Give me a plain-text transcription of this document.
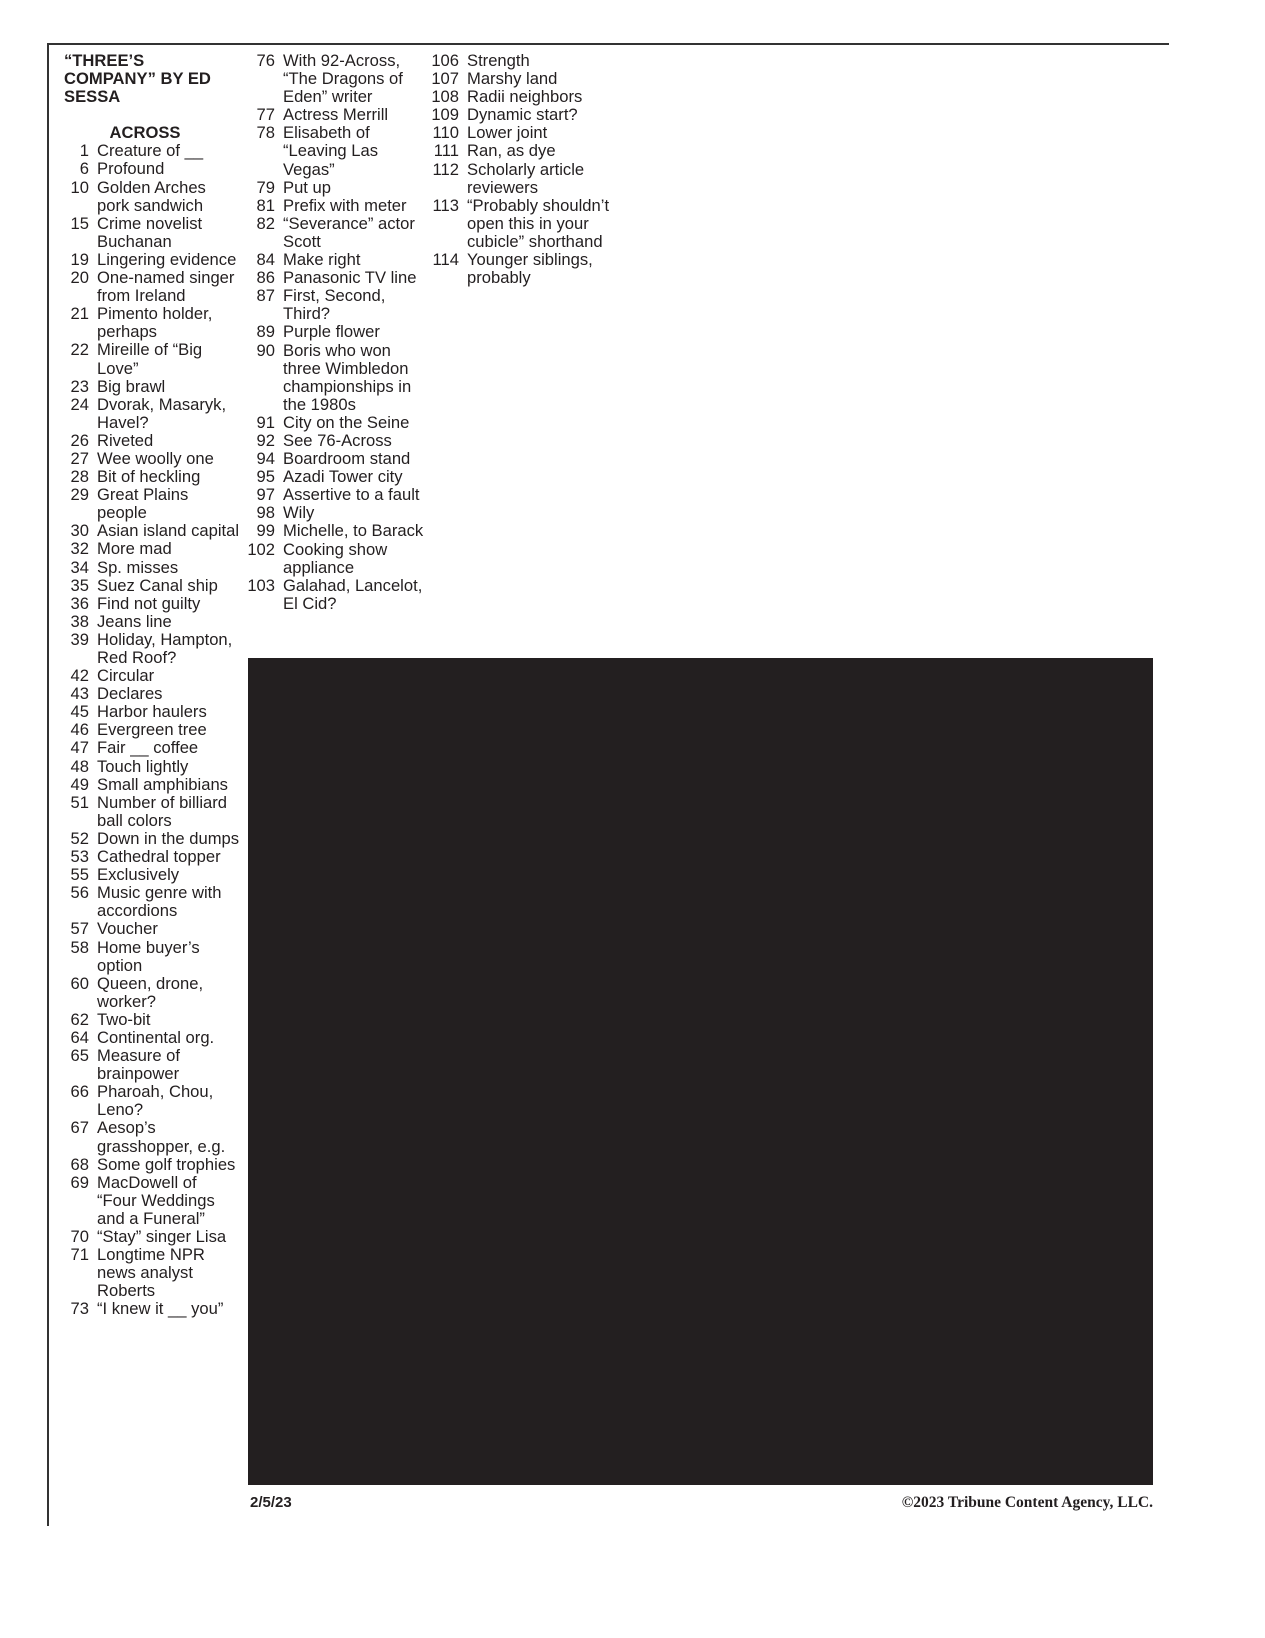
“THREE’S COMPANY” BY ED SESSA
ACROSS
1 Creature of __
6 Profound
10 Golden Arches pork sandwich
15 Crime novelist Buchanan
19 Lingering evidence
20 One-named singer from Ireland
21 Pimento holder, perhaps
22 Mireille of “Big Love”
23 Big brawl
24 Dvorak, Masaryk, Havel?
26 Riveted
27 Wee woolly one
28 Bit of heckling
29 Great Plains people
30 Asian island capital
32 More mad
34 Sp. misses
35 Suez Canal ship
36 Find not guilty
38 Jeans line
39 Holiday, Hampton, Red Roof?
42 Circular
43 Declares
45 Harbor haulers
46 Evergreen tree
47 Fair __ coffee
48 Touch lightly
49 Small amphibians
51 Number of billiard ball colors
52 Down in the dumps
53 Cathedral topper
55 Exclusively
56 Music genre with accordions
57 Voucher
58 Home buyer’s option
60 Queen, drone, worker?
62 Two-bit
64 Continental org.
65 Measure of brainpower
66 Pharoah, Chou, Leno?
67 Aesop’s grasshopper, e.g.
68 Some golf trophies
69 MacDowell of “Four Weddings and a Funeral”
70 “Stay” singer Lisa
71 Longtime NPR news analyst Roberts
73 “I knew it __ you”
76 With 92-Across, “The Dragons of Eden” writer
77 Actress Merrill
78 Elisabeth of “Leaving Las Vegas”
79 Put up
81 Prefix with meter
82 “Severance” actor Scott
84 Make right
86 Panasonic TV line
87 First, Second, Third?
89 Purple flower
90 Boris who won three Wimbledon championships in the 1980s
91 City on the Seine
92 See 76-Across
94 Boardroom stand
95 Azadi Tower city
97 Assertive to a fault
98 Wily
99 Michelle, to Barack
102 Cooking show appliance
103 Galahad, Lancelot, El Cid?
106 Strength
107 Marshy land
108 Radii neighbors
109 Dynamic start?
110 Lower joint
111 Ran, as dye
112 Scholarly article reviewers
113 “Probably shouldn’t open this in your cubicle” shorthand
114 Younger siblings, probably
2/5/23	©2023 Tribune Content Agency, LLC.
